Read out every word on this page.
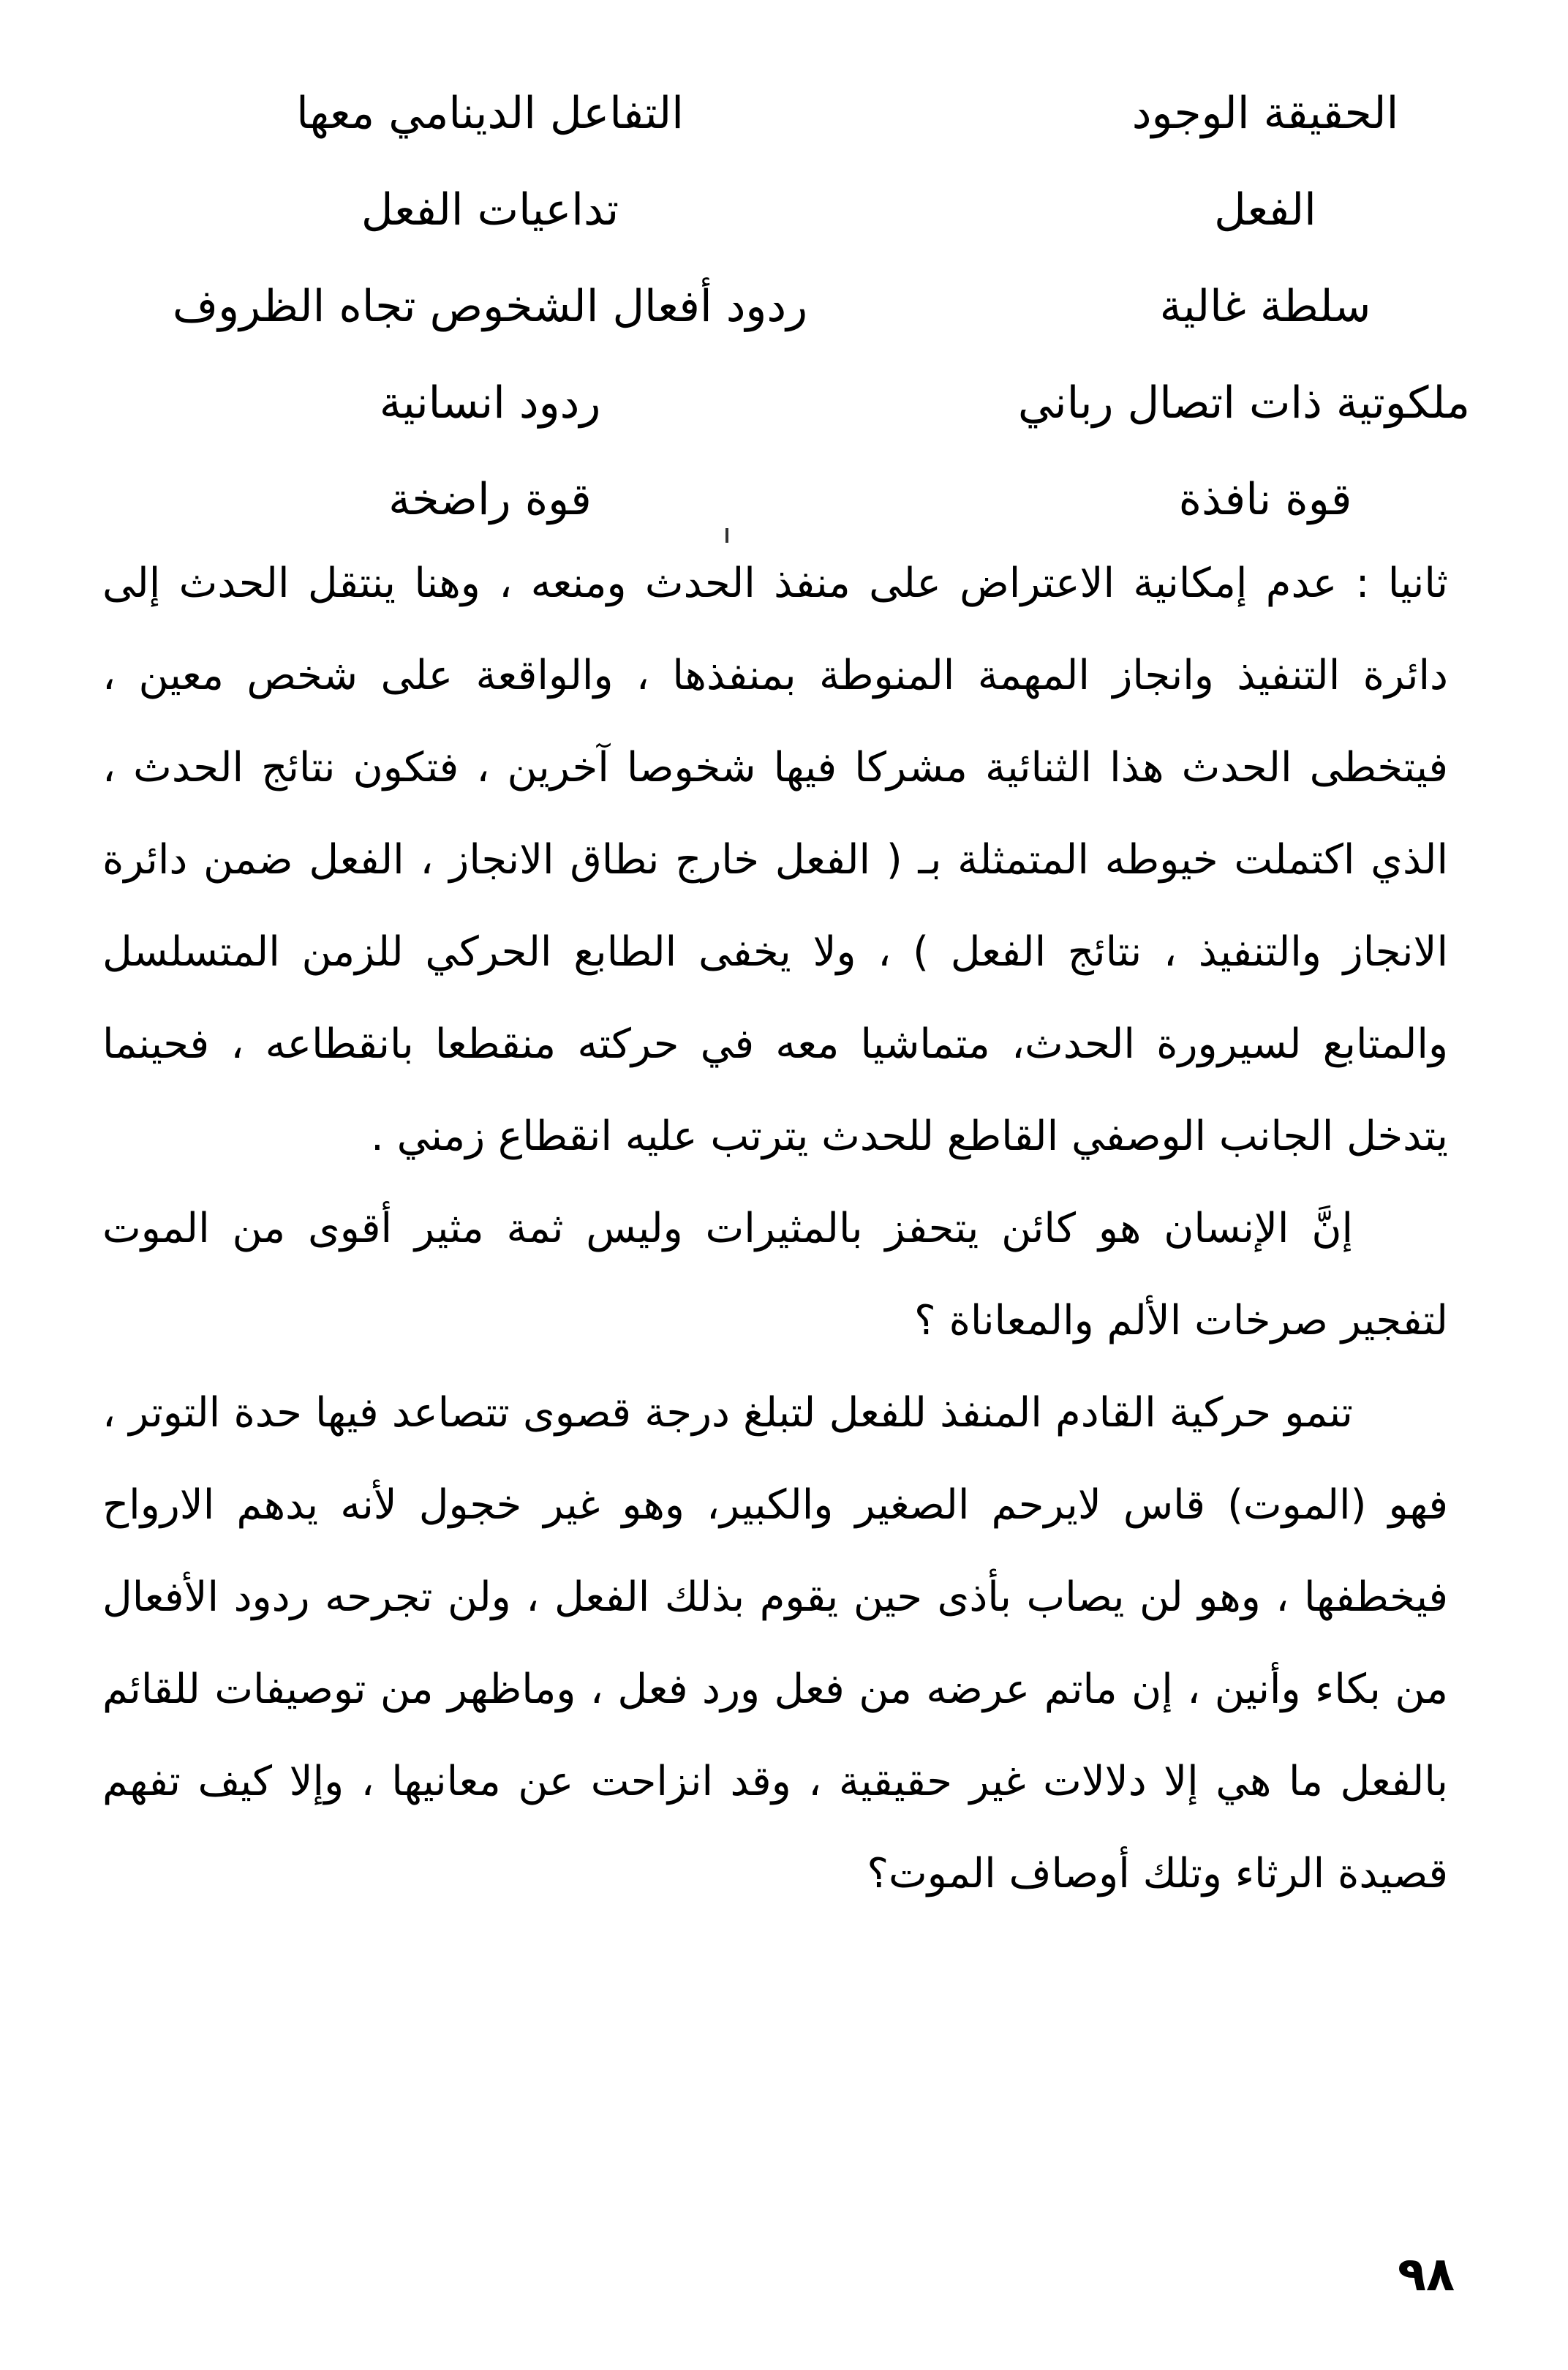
الحقيقة الوجود
التفاعل الدينامي معها
الفعل
تداعيات الفعل
سلطة غالية
ردود أفعال الشخوص تجاه الظروف
ملكوتية ذات اتصال رباني
ردود انسانية
قوة نافذة
قوة راضخة

ثانيا : عدم إمكانية الاعتراض على منفذ الحدث ومنعه ، وهنا ينتقل الحدث إلى دائرة التنفيذ وانجاز المهمة المنوطة بمنفذها ، والواقعة على شخص معين ، فيتخطى الحدث هذا الثنائية مشركا فيها شخوصا آخرين ، فتكون نتائج الحدث ، الذي اكتملت خيوطه المتمثلة بـ ( الفعل خارج نطاق الانجاز ، الفعل ضمن دائرة الانجاز والتنفيذ ، نتائج الفعل ) ، ولا يخفى الطابع الحركي للزمن المتسلسل والمتابع لسيرورة الحدث، متماشيا معه في حركته منقطعا بانقطاعه ، فحينما يتدخل الجانب الوصفي القاطع للحدث يترتب عليه انقطاع زمني .

إنَّ الإنسان هو كائن يتحفز بالمثيرات وليس ثمة مثير أقوى من الموت لتفجير صرخات الألم والمعاناة ؟

تنمو حركية القادم المنفذ للفعل لتبلغ درجة قصوى تتصاعد فيها حدة التوتر ، فهو (الموت) قاس لايرحم الصغير والكبير، وهو غير خجول لأنه يدهم الارواح فيخطفها ، وهو لن يصاب بأذى حين يقوم بذلك الفعل ، ولن تجرحه ردود الأفعال من بكاء وأنين ، إن ماتم عرضه من فعل ورد فعل ، وماظهر من توصيفات للقائم بالفعل ما هي إلا دلالات غير حقيقية ، وقد انزاحت عن معانيها ، وإلا كيف تفهم قصيدة الرثاء وتلك أوصاف الموت؟

٩٨
